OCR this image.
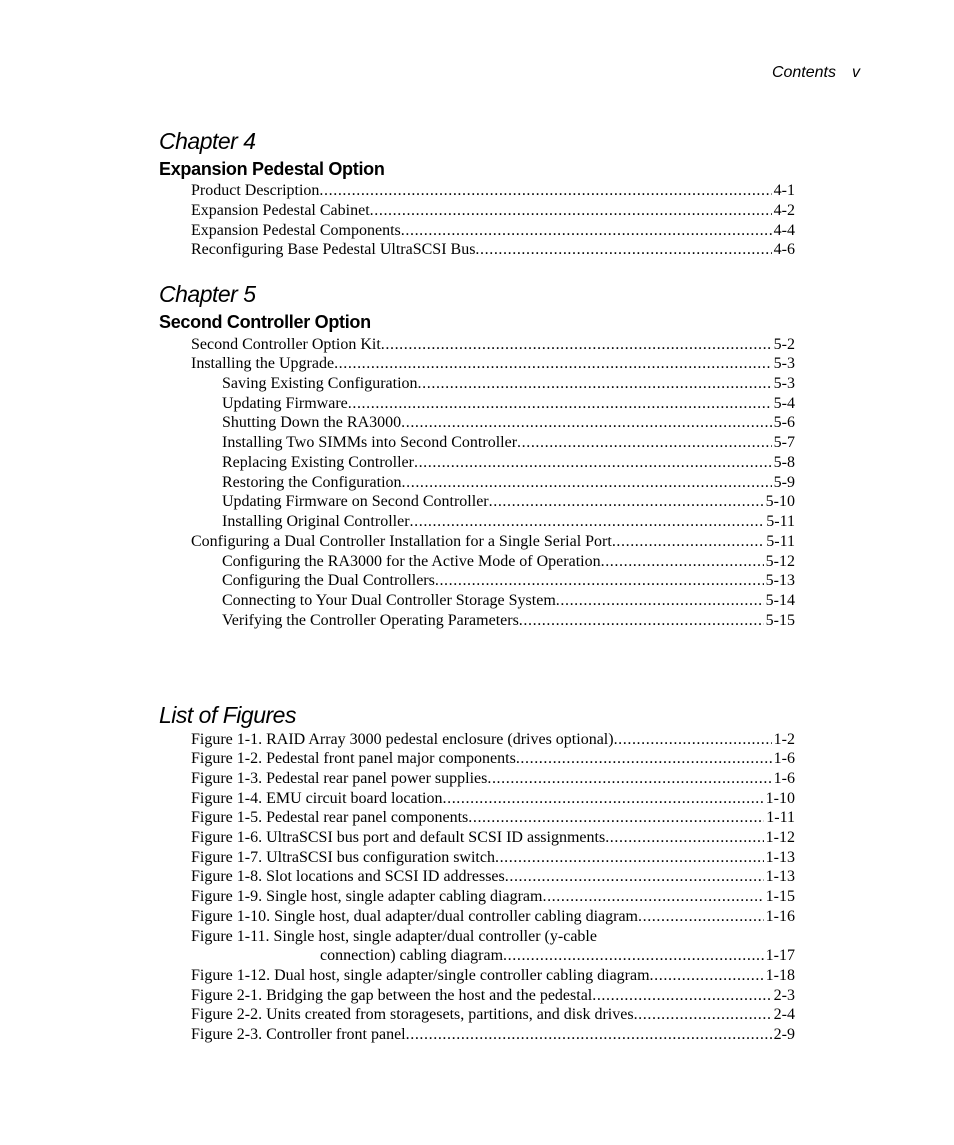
Contents v
Chapter 4
Expansion Pedestal Option
Product Description .....	4-1
Expansion Pedestal Cabinet .....	4-2
Expansion Pedestal Components .....	4-4
Reconfiguring Base Pedestal UltraSCSI Bus .....	4-6
Chapter 5
Second Controller Option
Second Controller Option Kit .....	5-2
Installing the Upgrade .....	5-3
Saving Existing Configuration .....	5-3
Updating Firmware .....	5-4
Shutting Down the RA3000 .....	5-6
Installing Two SIMMs into Second Controller .....	5-7
Replacing Existing Controller .....	5-8
Restoring the Configuration .....	5-9
Updating Firmware on Second Controller .....	5-10
Installing Original Controller .....	5-11
Configuring a Dual Controller Installation for a Single Serial Port .....	5-11
Configuring the RA3000 for the Active Mode of Operation .....	5-12
Configuring the Dual Controllers .....	5-13
Connecting to Your Dual Controller Storage System .....	5-14
Verifying the Controller Operating Parameters .....	5-15
List of Figures
Figure 1-1. RAID Array 3000 pedestal enclosure (drives optional) .....	1-2
Figure 1-2. Pedestal front panel major components .....	1-6
Figure 1-3. Pedestal rear panel power supplies .....	1-6
Figure 1-4. EMU circuit board location .....	1-10
Figure 1-5. Pedestal rear panel components .....	1-11
Figure 1-6. UltraSCSI bus port and default SCSI ID assignments .....	1-12
Figure 1-7. UltraSCSI bus configuration switch .....	1-13
Figure 1-8. Slot locations and SCSI ID addresses .....	1-13
Figure 1-9. Single host, single adapter cabling diagram .....	1-15
Figure 1-10. Single host, dual adapter/dual controller cabling diagram .....	1-16
Figure 1-11. Single host, single adapter/dual controller (y-cable
connection) cabling diagram .....	1-17
Figure 1-12. Dual host, single adapter/single controller cabling diagram .....	1-18
Figure 2-1. Bridging the gap between the host and the pedestal .....	2-3
Figure 2-2. Units created from storagesets, partitions, and disk drives .....	2-4
Figure 2-3. Controller front panel .....	2-9
